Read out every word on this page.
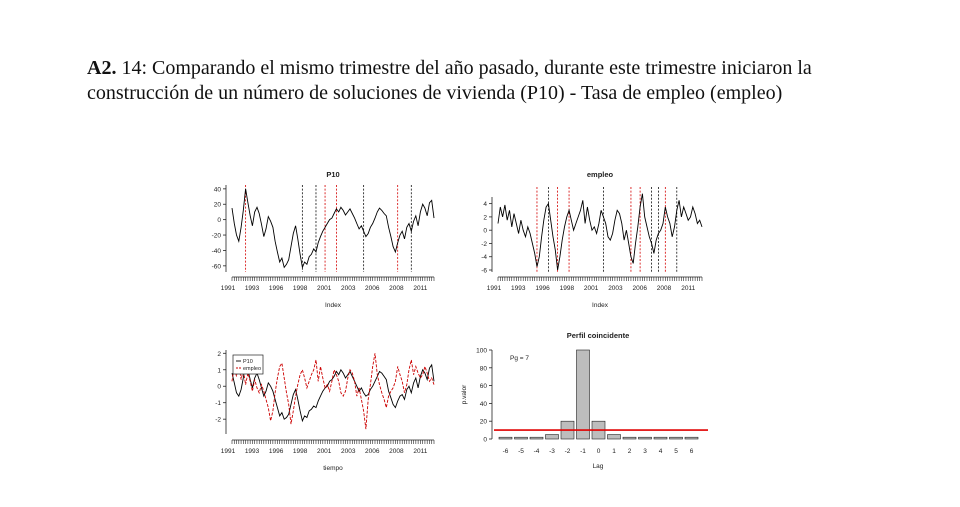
A2. 14: Comparando el mismo trimestre del año pasado, durante este trimestre iniciaron la construcción de un número de soluciones de vivienda (P10) - Tasa de empleo (empleo)
P10
40
20
0
-20
-40
-60
1991 1993 1996 1998 2001 2003 2006 2008 2011
Index
empleo
4
2
0
-2
-4
-6
1991 1993 1996 1998 2001 2003 2006 2008 2011
Index
2
1
0
-1
-2
1991 1993 1996 1998 2001 2003 2006 2008 2011
P10
empleo
tiempo
Perfil coincidente
0
20
40
60
80
100
p.valor
-6 -5 -4 -3 -2 -1 0 1 2 3 4 5 6
Pg = 7
Lag
